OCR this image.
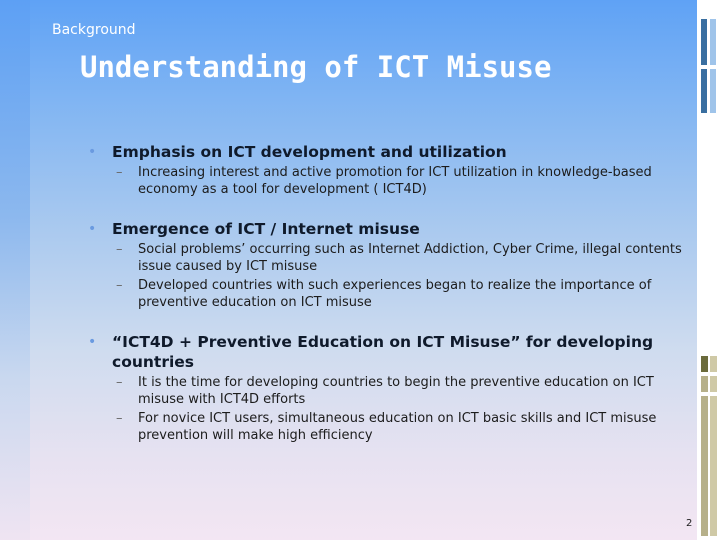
Background
Understanding of ICT Misuse
• Emphasis on ICT development and utilization
– Increasing interest and active promotion for ICT utilization in knowledge-based economy as a tool for development ( ICT4D)
• Emergence of ICT / Internet misuse
– Social problems’ occurring such as Internet Addiction, Cyber Crime, illegal contents issue caused by ICT misuse
– Developed countries with such experiences began to realize the importance of preventive education on ICT misuse
• “ICT4D + Preventive Education on ICT Misuse” for developing countries
– It is the time for developing countries to begin the preventive education on ICT misuse with ICT4D efforts
– For novice ICT users, simultaneous education on ICT basic skills and ICT misuse prevention will make high efficiency
2
